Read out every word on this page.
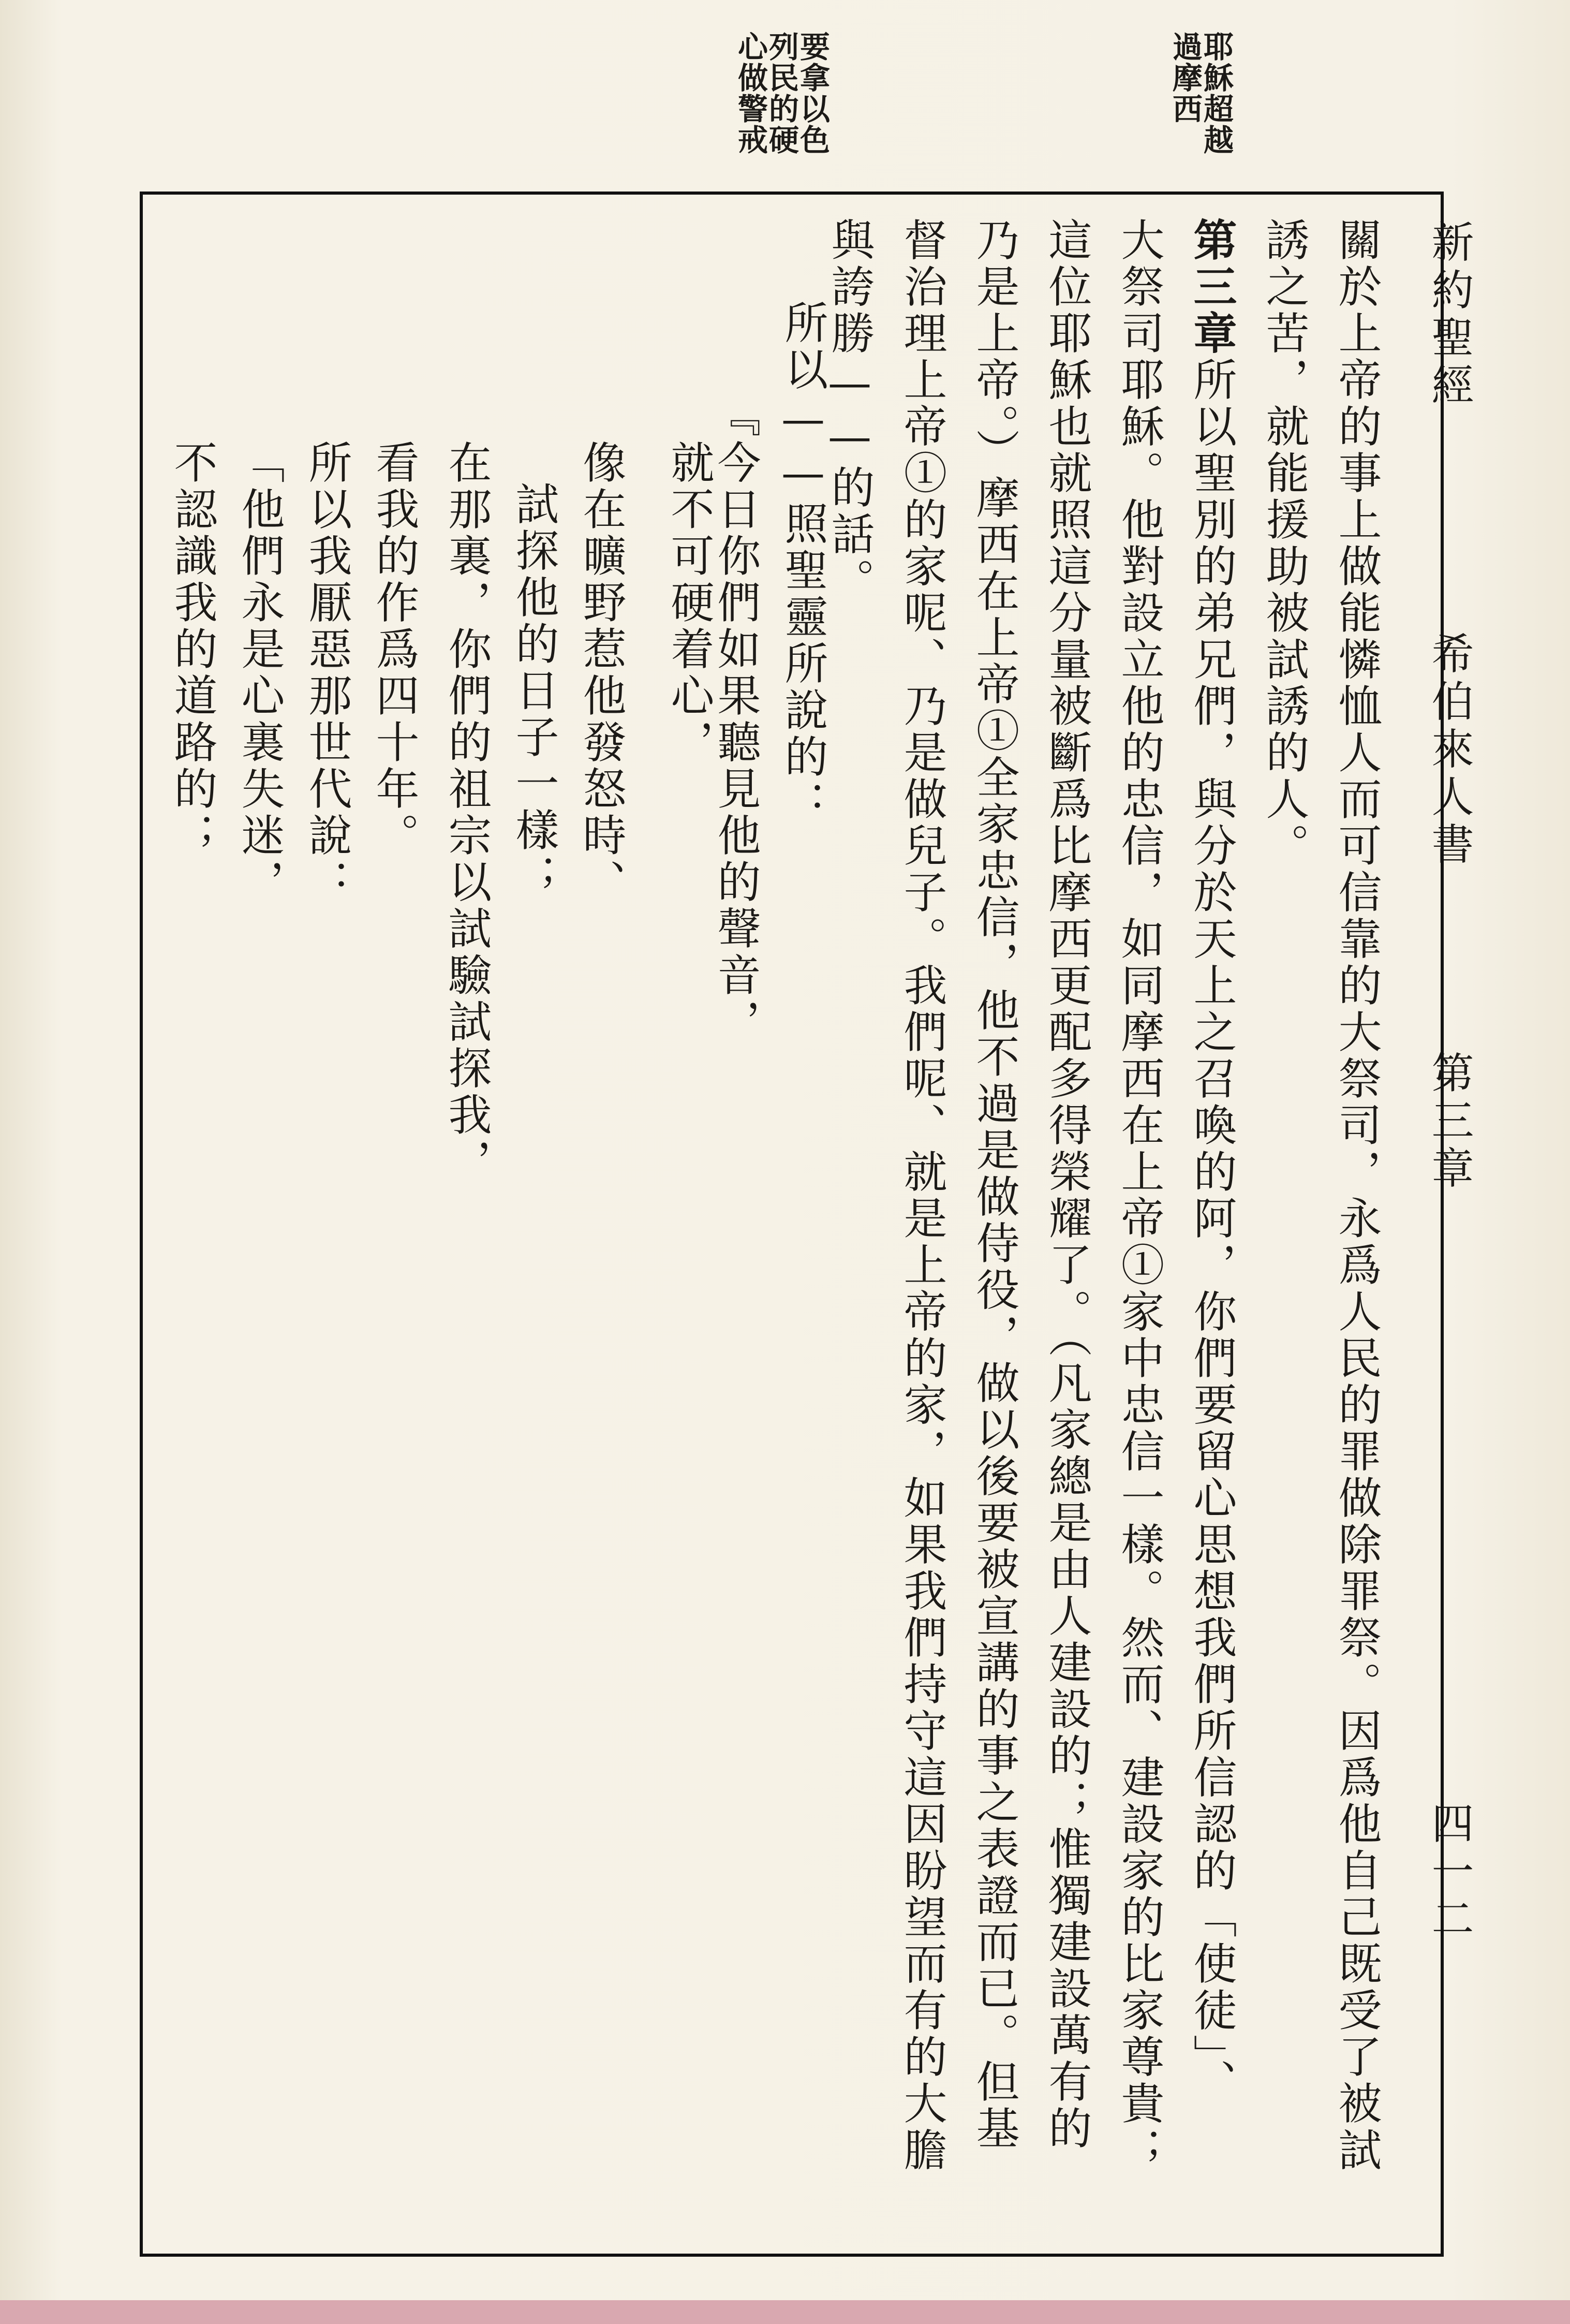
新約聖經
希伯來人書
第三章
四一二
耶穌超越過摩西
要拿以色列民的硬心做警戒
關於上帝的事上做能憐恤人而可信靠的大祭司，永爲人民的罪做除罪祭。因爲他自己既受了被試
誘之苦，就能援助被試誘的人。
第三章所以聖別的弟兄們，與分於天上之召喚的阿，你們要留心思想我們所信認的「使徒」、
大祭司耶穌。他對設立他的忠信，如同摩西在上帝①家中忠信一樣。然而、建設家的比家尊貴；
這位耶穌也就照這分量被斷爲比摩西更配多得榮耀了。（凡家總是由人建設的；惟獨建設萬有的
乃是上帝。）摩西在上帝①全家忠信，他不過是做侍役，做以後要被宣講的事之表證而已。但基
督治理上帝①的家呢、乃是做兒子。我們呢、就是上帝的家，如果我們持守這因盼望而有的大膽
與誇勝——的話。
所以——照聖靈所說的：
『今日你們如果聽見他的聲音，
就不可硬着心，
像在曠野惹他發怒時、
試探他的日子一樣；
在那裏，你們的祖宗以試驗試探我，
看我的作爲四十年。
所以我厭惡那世代說：
「他們永是心裏失迷，
不認識我的道路的；
